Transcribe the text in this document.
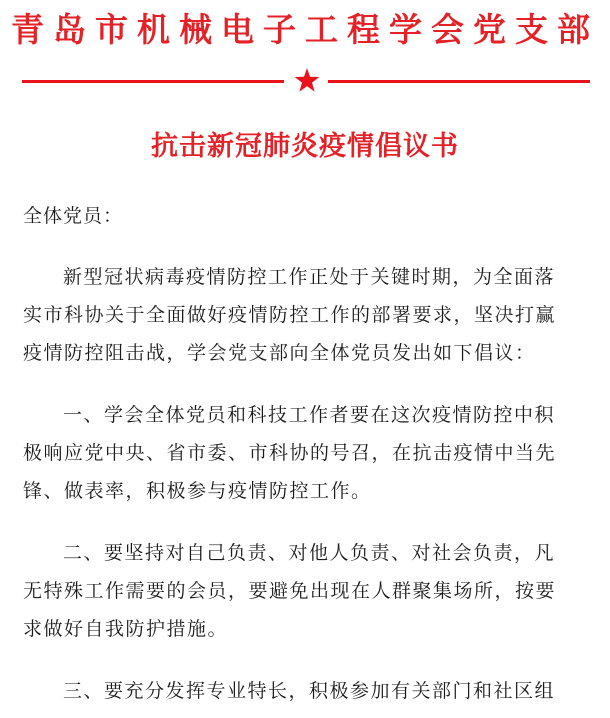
青岛市机械电子工程学会党支部
抗击新冠肺炎疫情倡议书
全体党员：
新型冠状病毒疫情防控工作正处于关键时期，为全面落
实市科协关于全面做好疫情防控工作的部署要求，坚决打赢
疫情防控阻击战，学会党支部向全体党员发出如下倡议：
一、学会全体党员和科技工作者要在这次疫情防控中积
极响应党中央、省市委、市科协的号召，在抗击疫情中当先
锋、做表率，积极参与疫情防控工作。
二、要坚持对自己负责、对他人负责、对社会负责，凡
无特殊工作需要的会员，要避免出现在人群聚集场所，按要
求做好自我防护措施。
三、要充分发挥专业特长，积极参加有关部门和社区组
